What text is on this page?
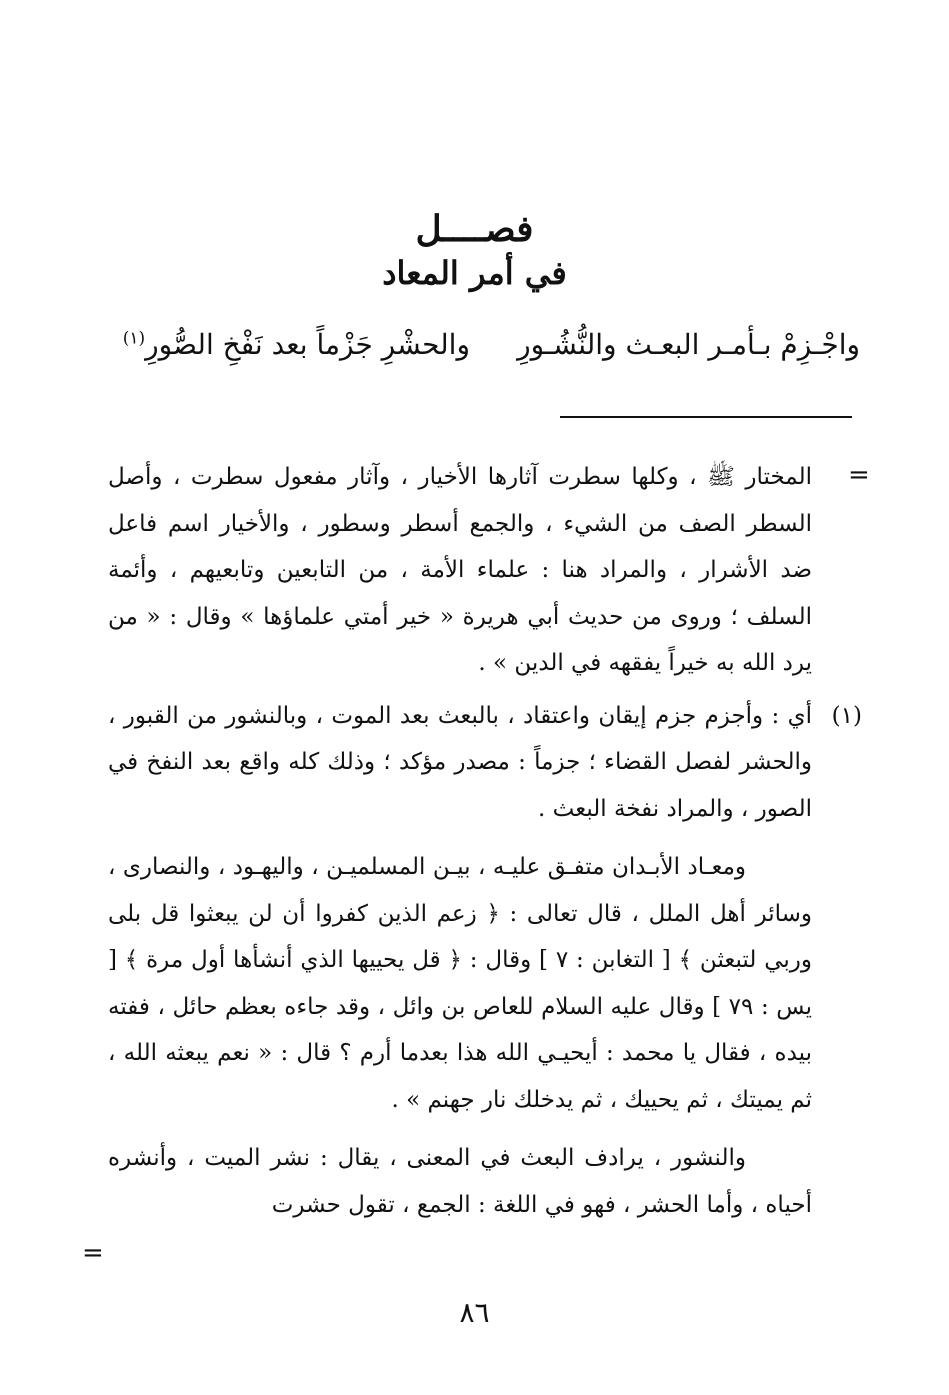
فصــــل
في أمر المعاد
واجْـزِمْ بـأمـر البعـث والنُّشُـورِ
والحشْرِ جَزْماً بعد نَفْخِ الصُّورِ$^{(١)}$
=

المختار ﷺ ، وكلها سطرت آثارها الأخيار ، وآثار مفعول سطرت ، وأصل السطر الصف من الشيء ، والجمع أسطر وسطور ، والأخيار اسم فاعل ضد الأشرار ، والمراد هنا : علماء الأمة ، من التابعين وتابعيهم ، وأئمة السلف ؛ وروى من حديث أبي هريرة « خير أمتي علماؤها » وقال : « من يرد الله به خيراً يفقهه في الدين » .

(١)
أي : وأجزم جزم إيقان واعتقاد ، بالبعث بعد الموت ، وبالنشور من القبور ، والحشر لفصل القضاء ؛ جزماً : مصدر مؤكد ؛ وذلك كله واقع بعد النفخ في الصور ، والمراد نفخة البعث .

ومعـاد الأبـدان متفـق عليـه ، بيـن المسلميـن ، واليهـود ، والنصارى ، وسائر أهل الملل ، قال تعالى : ﴿ زعم الذين كفروا أن لن يبعثوا قل بلى وربي لتبعثن ﴾ [ التغابن : ٧ ] وقال : ﴿ قل يحييها الذي أنشأها أول مرة ﴾ [ يس : ٧٩ ] وقال عليه السلام للعاص بن وائل ، وقد جاءه بعظم حائل ، ففته بيده ، فقال يا محمد : أيحيـي الله هذا بعدما أرم ؟ قال : « نعم يبعثه الله ، ثم يميتك ، ثم يحييك ، ثم يدخلك نار جهنم » .

والنشور ، يرادف البعث في المعنى ، يقال : نشر الميت ، وأنشره أحياه ، وأما الحشر ، فهو في اللغة : الجمع ، تقول حشرت

=
٨٦
